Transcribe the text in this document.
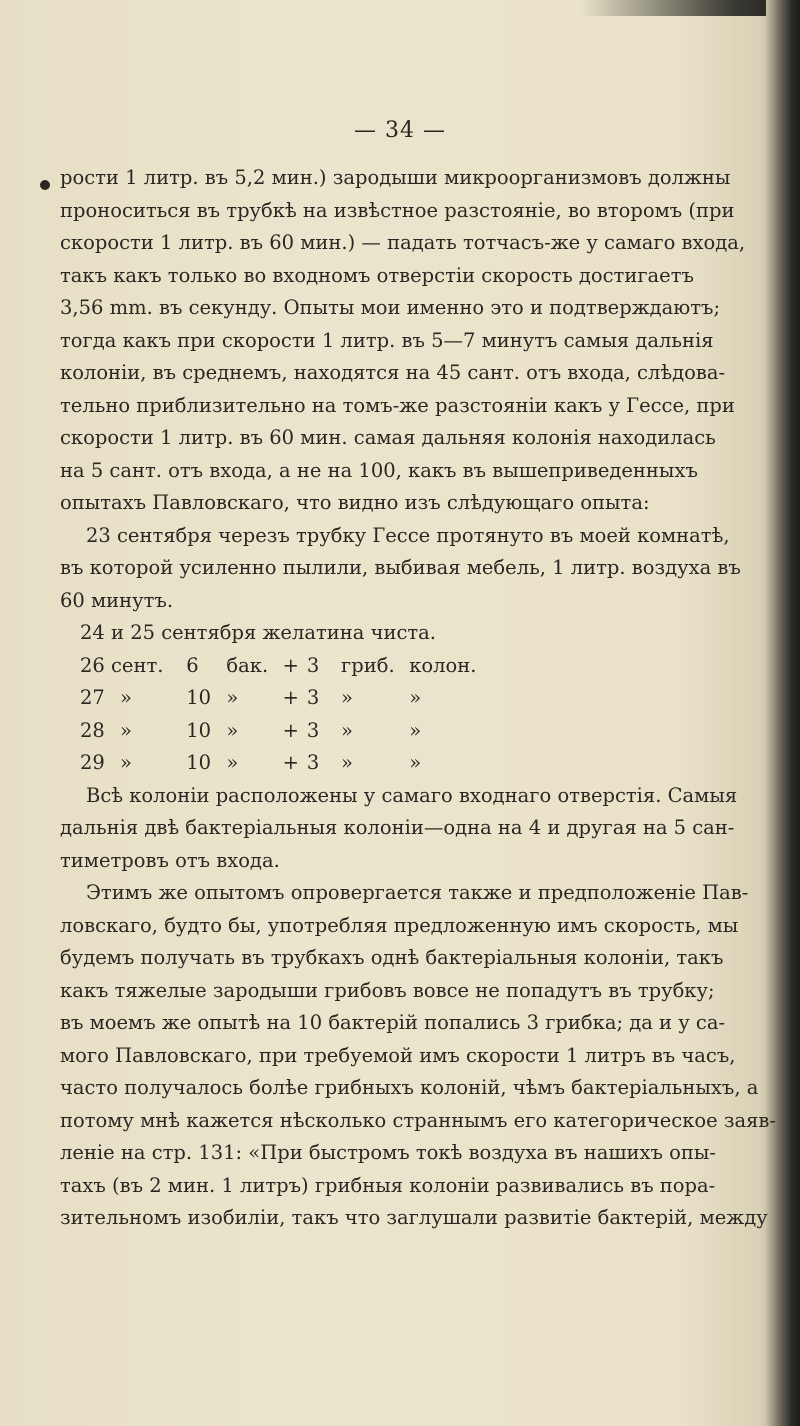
— 34 —
рости 1 литр. въ 5,2 мин.) зародыши микроорганизмовъ должны
проноситься въ трубкѣ на извѣстное разстояніе, во второмъ (при
скорости 1 литр. въ 60 мин.) — падать тотчасъ-же у самаго входа,
такъ какъ только во входномъ отверстіи скорость достигаетъ
3,56 mm. въ секунду. Опыты мои именно это и подтверждаютъ;
тогда какъ при скорости 1 литр. въ 5—7 минутъ самыя дальнія
колоніи, въ среднемъ, находятся на 45 сант. отъ входа, слѣдова-
тельно приблизительно на томъ-же разстояніи какъ у Гессе, при
скорости 1 литр. въ 60 мин. самая дальняя колонія находилась
на 5 сант. отъ входа, а не на 100, какъ въ вышеприведенныхъ
опытахъ Павловскаго, что видно изъ слѣдующаго опыта:
23 сентября черезъ трубку Гессе протянуто въ моей комнатѣ,
въ которой усиленно пылили, выбивая мебель, 1 литр. воздуха въ
60 минутъ.
24 и 25 сентября желатина чиста.
26 сент. 6 бак. + 3 гриб. колон.
27 »	10 » + 3 »	»
28 »	10 » + 3 »	»
29 »	10 » + 3 »	»
Всѣ колоніи расположены у самаго входнаго отверстія. Самыя
дальнія двѣ бактеріальныя колоніи—одна на 4 и другая на 5 сан-
тиметровъ отъ входа.
Этимъ же опытомъ опровергается также и предположеніе Пав-
ловскаго, будто бы, употребляя предложенную имъ скорость, мы
будемъ получать въ трубкахъ однѣ бактеріальныя колоніи, такъ
какъ тяжелые зародыши грибовъ вовсе не попадутъ въ трубку;
въ моемъ же опытѣ на 10 бактерій попались 3 грибка; да и у са-
мого Павловскаго, при требуемой имъ скорости 1 литръ въ часъ,
часто получалось болѣе грибныхъ колоній, чѣмъ бактеріальныхъ, а
потому мнѣ кажется нѣсколько страннымъ его категорическое заяв-
леніе на стр. 131: «При быстромъ токѣ воздуха въ нашихъ опы-
тахъ (въ 2 мин. 1 литръ) грибныя колоніи развивались въ пора-
зительномъ изобиліи, такъ что заглушали развитіе бактерій, между
